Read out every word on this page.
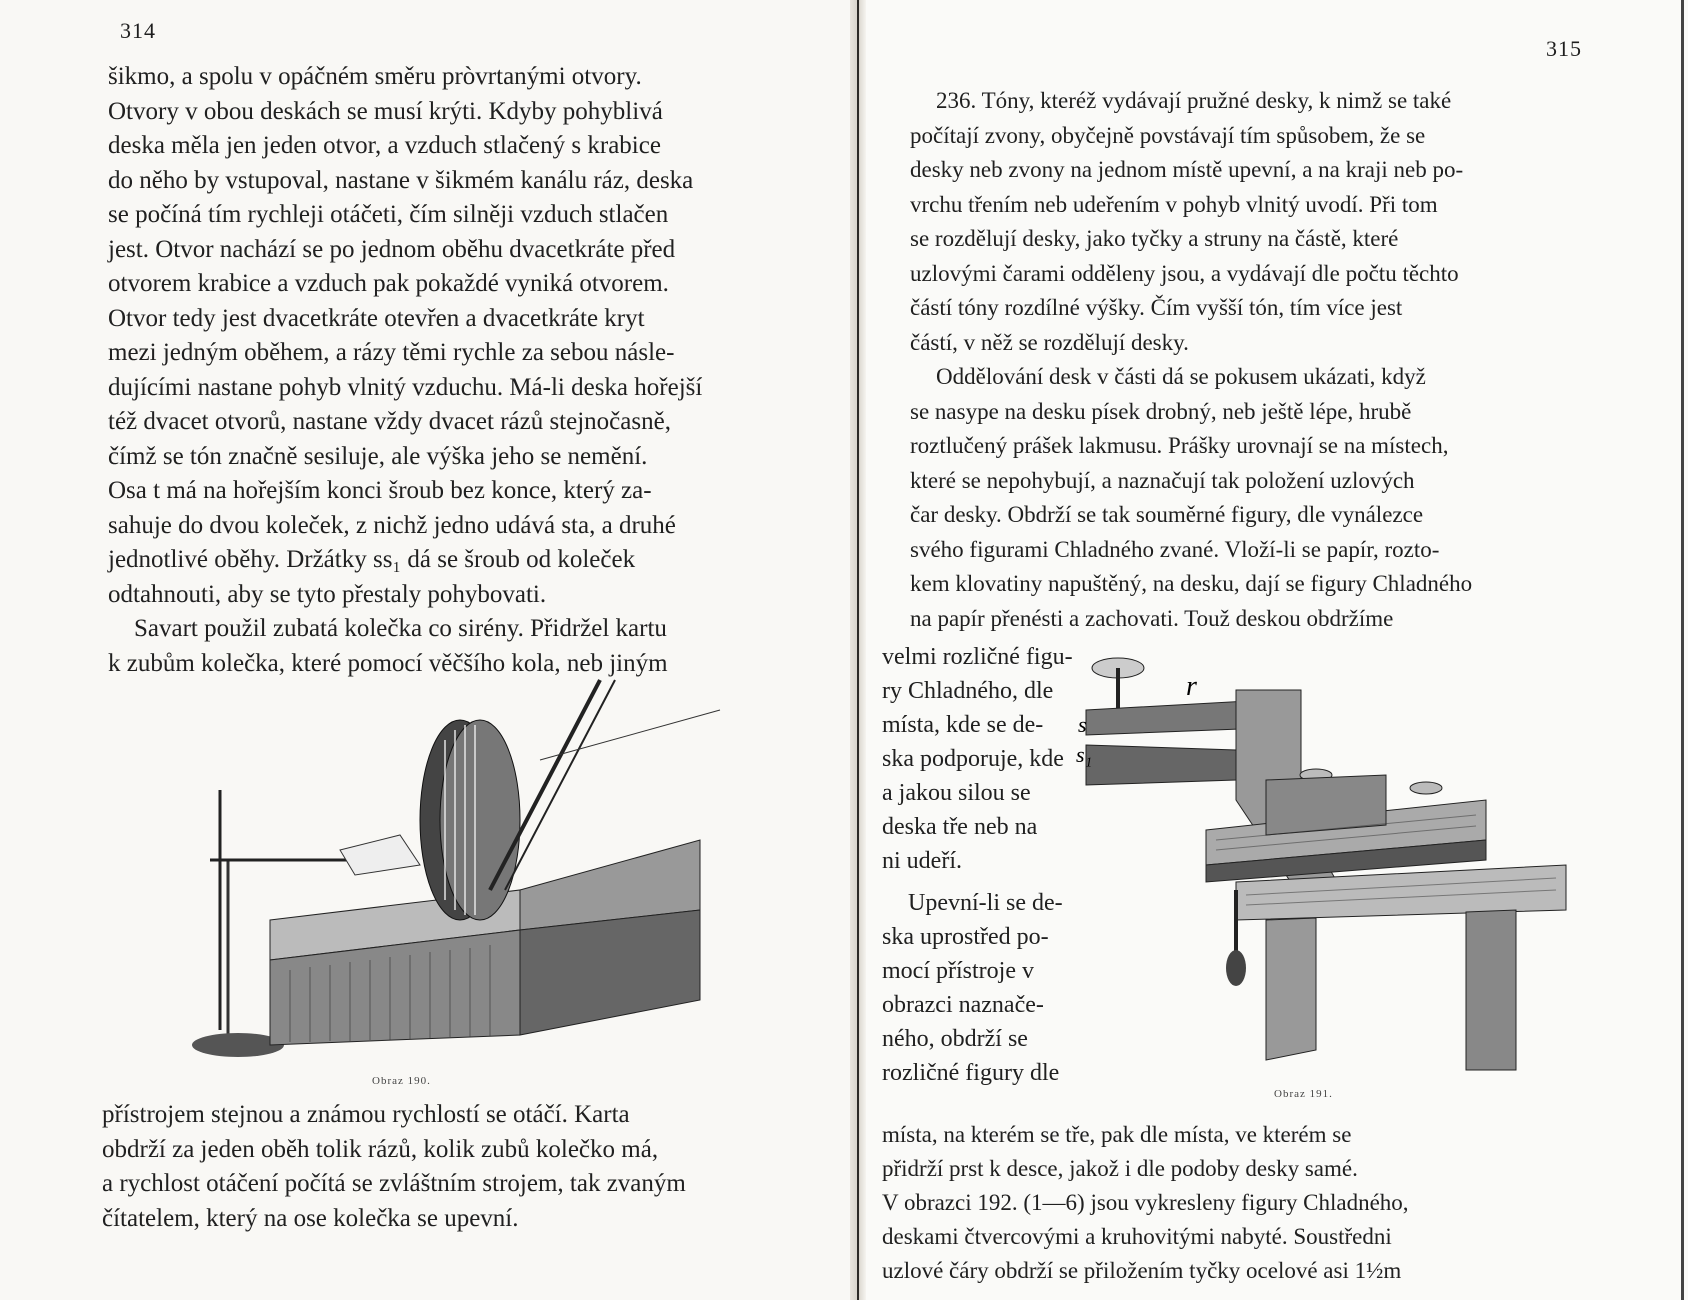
314

šikmo, a spolu v opáčném směru pròvrtanými otvory.

Otvory v obou deskách se musí krýti. Kdyby pohyblivá

deska měla jen jeden otvor, a vzduch stlačený s krabice

do něho by vstupoval, nastane v šikmém kanálu ráz, deska

se počíná tím rychleji otáčeti, čím silněji vzduch stlačen

jest. Otvor nachází se po jednom oběhu dvacetkráte před

otvorem krabice a vzduch pak pokaždé vyniká otvorem.

Otvor tedy jest dvacetkráte otevřen a dvacetkráte kryt

mezi jedným oběhem, a rázy těmi rychle za sebou násle-

dujícími nastane pohyb vlnitý vzduchu. Má-li deska hořejší

též dvacet otvorů, nastane vždy dvacet rázů stejnočasně,

čímž se tón značně sesiluje, ale výška jeho se nemění.

Osa t má na hořejším konci šroub bez konce, který za-

sahuje do dvou koleček, z nichž jedno udává sta, a druhé

jednotlivé oběhy. Držátky ss₁ dá se šroub od koleček

odtahnouti, aby se tyto přestaly pohybovati.

Savart použil zubatá kolečka co sirény. Přidržel kartu

k zubům kolečka, které pomocí věčšího kola, neb jiným

Obraz 190.

přístrojem stejnou a známou rychlostí se otáčí. Karta

obdrží za jeden oběh tolik rázů, kolik zubů kolečko má,

a rychlost otáčení počítá se zvláštním strojem, tak zvaným

čítatelem, který na ose kolečka se upevní.

315

236. Tóny, kteréž vydávají pružné desky, k nimž se také

počítají zvony, obyčejně povstávají tím spůsobem, že se

desky neb zvony na jednom místě upevní, a na kraji neb po-

vrchu třením neb udeřením v pohyb vlnitý uvodí. Při tom

se rozdělují desky, jako tyčky a struny na částě, které

uzlovými čarami odděleny jsou, a vydávají dle počtu těchto

částí tóny rozdílné výšky. Čím vyšší tón, tím více jest

částí, v něž se rozdělují desky.

Oddělování desk v části dá se pokusem ukázati, když

se nasype na desku písek drobný, neb ještě lépe, hrubě

roztlučený prášek lakmusu. Prášky urovnají se na místech,

které se nepohybují, a naznačují tak položení uzlových

čar desky. Obdrží se tak souměrné figury, dle vynálezce

svého figurami Chladného zvané. Vloží-li se papír, rozto-

kem klovatiny napuštěný, na desku, dají se figury Chladného

na papír přenésti a zachovati. Touž deskou obdržíme

velmi rozličné figu-

ry Chladného, dle

místa, kde se de-

ska podporuje, kde

a jakou silou se

deska tře neb na

ni udeří.

Upevní-li se de-

ska uprostřed po-

mocí přístroje v

obrazci naznače-

ného, obdrží se

rozličné figury dle

r
s
s₁
Obraz 191.

místa, na kterém se tře, pak dle místa, ve kterém se

přidrží prst k desce, jakož i dle podoby desky samé.

V obrazci 192. (1—6) jsou vykresleny figury Chladného,

deskami čtvercovými a kruhovitými nabyté. Soustředni

uzlové čáry obdrží se přiložením tyčky ocelové asi 1½m
